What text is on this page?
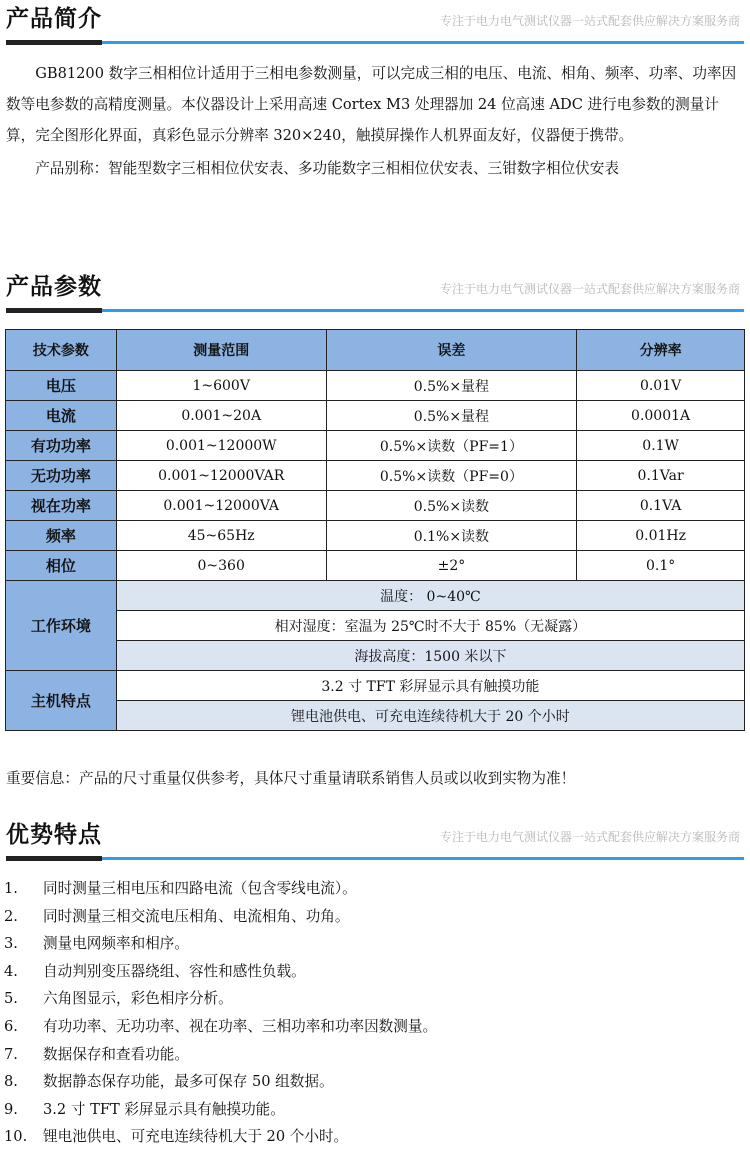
产品简介	专注于电力电气测试仪器一站式配套供应解决方案服务商

GB81200 数字三相相位计适用于三相电参数测量，可以完成三相的电压、电流、相角、频率、功率、功率因数等电参数的高精度测量。本仪器设计上采用高速 Cortex M3 处理器加 24 位高速 ADC 进行电参数的测量计算，完全图形化界面，真彩色显示分辨率 320×240，触摸屏操作人机界面友好，仪器便于携带。

产品别称：智能型数字三相相位伏安表、多功能数字三相相位伏安表、三钳数字相位伏安表

产品参数	专注于电力电气测试仪器一站式配套供应解决方案服务商
技术参数	测量范围	误差	分辨率
电压	1~600V	0.5%×量程	0.01V
电流	0.001~20A	0.5%×量程	0.0001A
有功功率	0.001~12000W	0.5%×读数（PF=1）	0.1W
无功功率	0.001~12000VAR	0.5%×读数（PF=0）	0.1Var
视在功率	0.001~12000VA	0.5%×读数	0.1VA
频率	45~65Hz	0.1%×读数	0.01Hz
相位	0~360	±2°	0.1°
工作环境	温度： 0~40℃		
	相对湿度：室温为 25℃时不大于 85%（无凝露）		
	海拔高度：1500 米以下		
主机特点	3.2 寸 TFT 彩屏显示具有触摸功能		
	锂电池供电、可充电连续待机大于 20 个小时		
重要信息：产品的尺寸重量仅供参考，具体尺寸重量请联系销售人员或以收到实物为准！
优势特点	专注于电力电气测试仪器一站式配套供应解决方案服务商
1. 同时测量三相电压和四路电流（包含零线电流）。
2. 同时测量三相交流电压相角、电流相角、功角。
3. 测量电网频率和相序。
4. 自动判别变压器绕组、容性和感性负载。
5. 六角图显示，彩色相序分析。
6. 有功功率、无功功率、视在功率、三相功率和功率因数测量。
7. 数据保存和查看功能。
8. 数据静态保存功能，最多可保存 50 组数据。
9. 3.2 寸 TFT 彩屏显示具有触摸功能。
10. 锂电池供电、可充电连续待机大于 20 个小时。
